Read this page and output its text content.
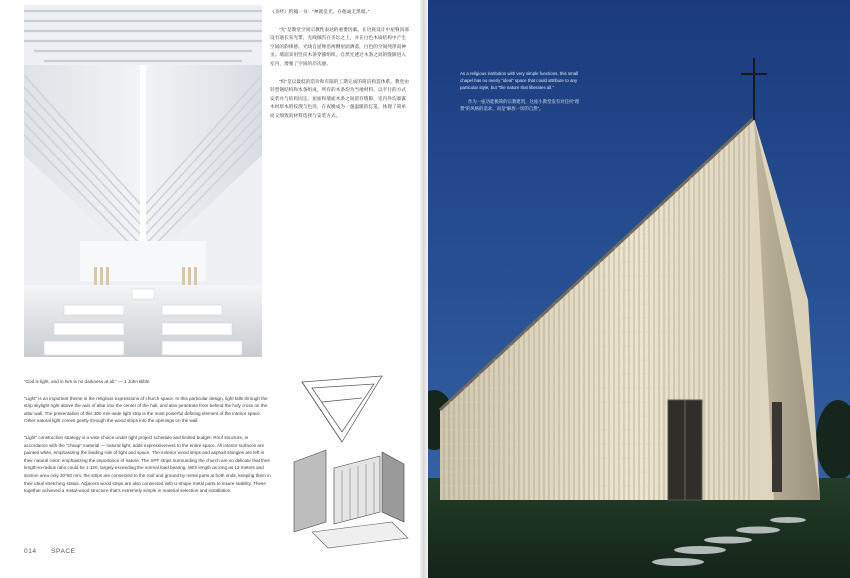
《圣经》约翰一书：“神就是光，在他毫无黑暗。”

“光”是教堂空间宗教性表达的重要因素。在这座设计中屋脊顶部设有通长采光带，光线倾泻在圣坛之上，并在白色木质结构中产生空间的韵律感。光线自屋脊沿两侧屋面洒落，白色的空间纯净而神圣。墙面采用竖向木条穿插组织，自然光透过木条之间的缝隙进入室内，增强了空间的层次感。

“构”是以最低的造价和有限的工期完成的简洁构造体系。教堂由轻型钢结构和木条组成，所有的木条均为当地材料，以平行的方式安装并与结构固定。屋面和墙面木条之间留有缝隙，室内外均暴露木材原本的纹理与色泽，在夜晚成为一盏温暖的灯笼，体现了简单而又细致的材料选择与安装方式。

“God is light, and in him is no darkness at all.” — 1 John Bible

“Light” is an important theme in the religious expressions of church space. In this particular design, light falls through the strip skylight right above the axis of altar into the center of the hall, and also penetrate from behind the holy cross on the altar wall. The presentation of this 300 mm-wide light strip is the most powerful defining element of the interior space. Other natural light comes gently through the wood strips into the openings on the wall.

“Light” construction strategy is a wise choice under tight project schedule and limited budget. Roof structure, in accordance with the “cheap” material — natural light, adds expressiveness to the entire space. All interior surfaces are painted white, emphasizing the leading role of light and space. The exterior wood strips and asphalt shingles are left in their natural color, emphasizing the importance of nature. The SPF strips surrounding the church are so delicate that their length-to-radius ratio could be 1:120, largely exceeding the normal load bearing. With length as long as 12 meters and section area only 30*60 mm, the strips are connected to the roof and ground by metal parts at both ends, keeping them in their ideal stretching status. Adjacent wood strips are also connected with U-shape metal parts to insure stability. These together achieved a metal-wood structure that’s extremely simple in material selection and installation.

014 SPACE

As a religious institution with very simple functions, this small chapel has no overly “ideal” space that could attribute to any particular style, but “the nature that liberates all.”

作为一座功能极简的宗教建筑，这座小教堂没有对任何“理想”的风格的追求，而是“解放一切的自然”。
